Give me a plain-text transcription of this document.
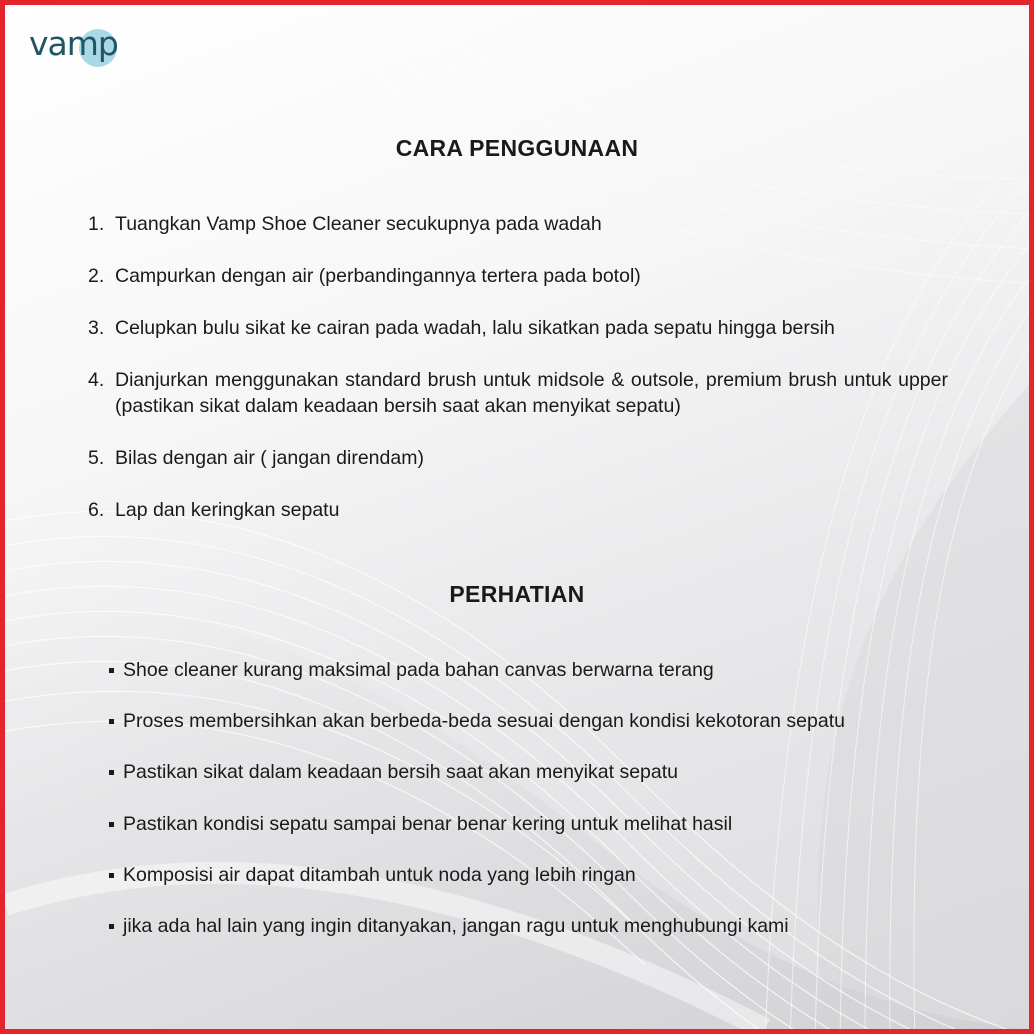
vamp
CARA PENGGUNAAN
1. Tuangkan Vamp Shoe Cleaner secukupnya pada wadah
2. Campurkan dengan air (perbandingannya tertera pada botol)
3. Celupkan bulu sikat ke cairan pada wadah, lalu sikatkan pada sepatu hingga bersih
4. Dianjurkan menggunakan standard brush untuk midsole & outsole, premium brush untuk upper (pastikan sikat dalam keadaan bersih saat akan menyikat sepatu)
5. Bilas dengan air ( jangan direndam)
6. Lap dan keringkan sepatu
PERHATIAN
Shoe cleaner kurang maksimal pada bahan canvas berwarna terang
Proses membersihkan akan berbeda-beda sesuai dengan kondisi kekotoran sepatu
Pastikan sikat dalam keadaan bersih saat akan menyikat sepatu
Pastikan kondisi sepatu sampai benar benar kering untuk melihat hasil
Komposisi air dapat ditambah untuk noda yang lebih ringan
jika ada hal lain yang ingin ditanyakan, jangan ragu untuk menghubungi kami
